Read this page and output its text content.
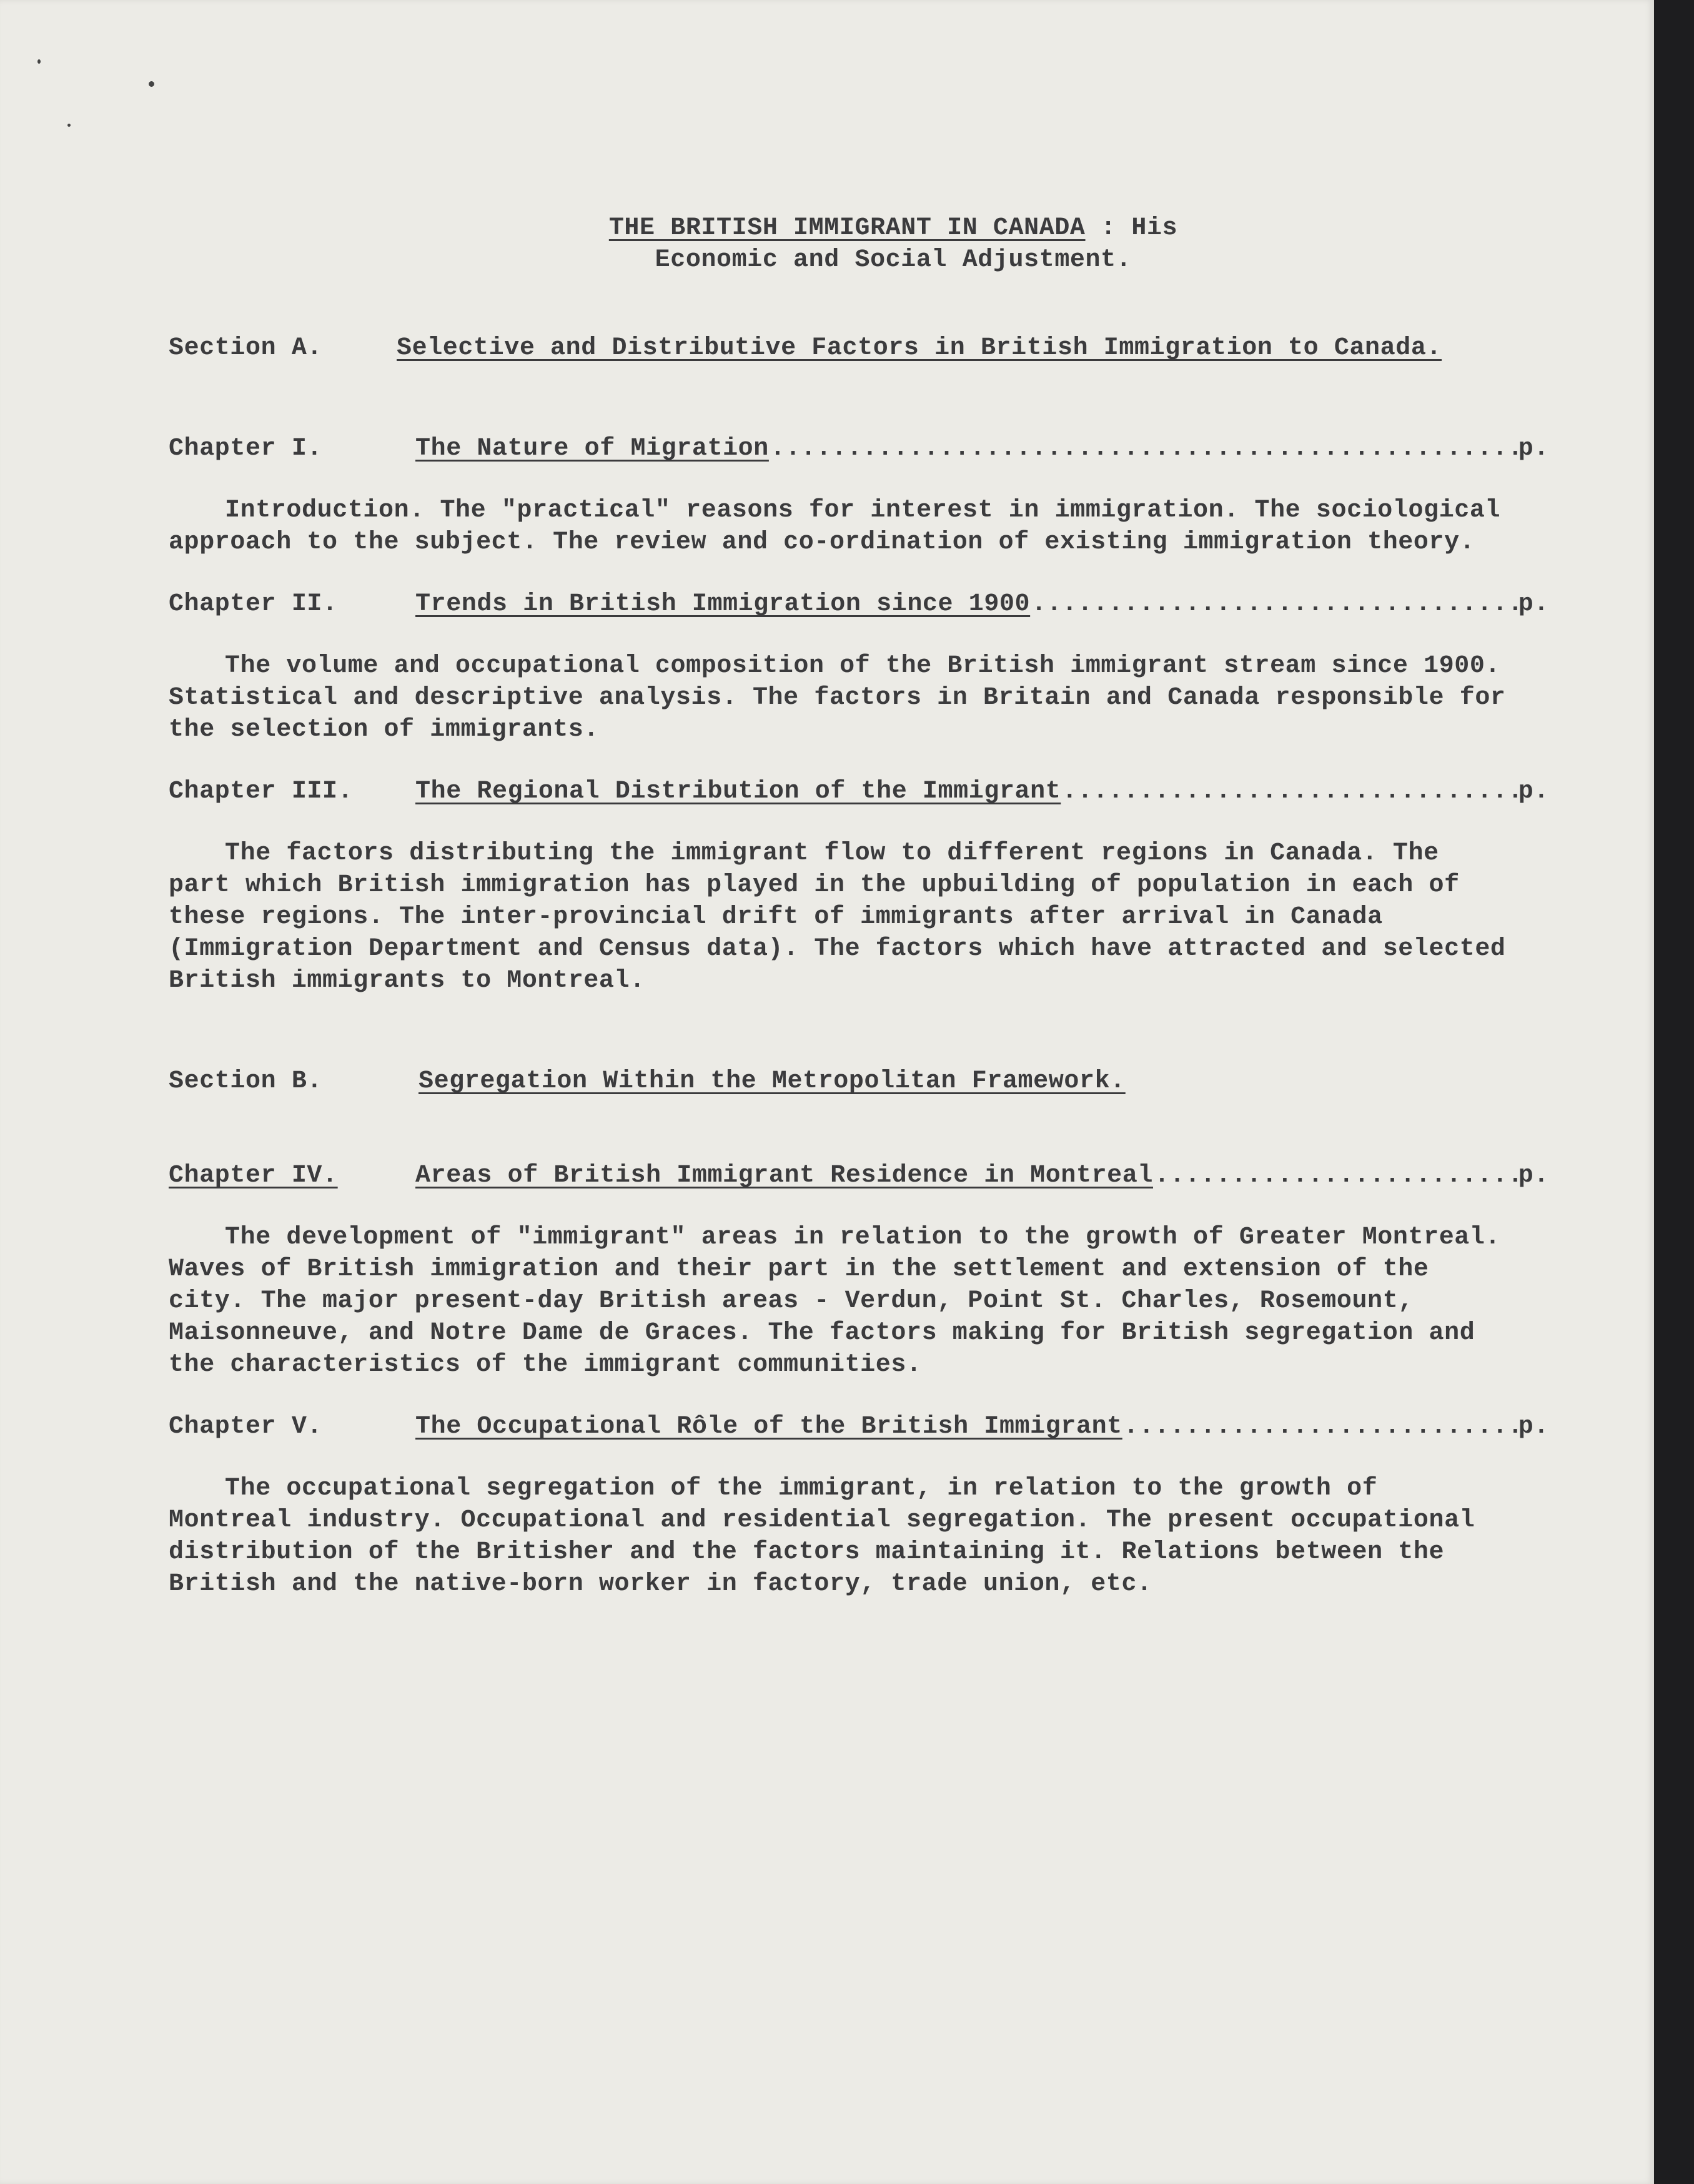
THE BRITISH IMMIGRANT IN CANADA : His
Economic and Social Adjustment.
Section A.	Selective and Distributive Factors in British Immigration to Canada.
Chapter I.	The Nature of Migration .....	p.
Introduction. The "practical" reasons for interest in immigration. The sociological approach to the subject. The review and co-ordination of existing immigration theory.
Chapter II.	Trends in British Immigration since 1900 .....	p.
The volume and occupational composition of the British immigrant stream since 1900. Statistical and descriptive analysis. The factors in Britain and Canada responsible for the selection of immigrants.
Chapter III.	The Regional Distribution of the Immigrant .....	p.
The factors distributing the immigrant flow to different regions in Canada. The part which British immigration has played in the upbuilding of population in each of these regions. The inter-provincial drift of immigrants after arrival in Canada (Immigration Department and Census data). The factors which have attracted and selected British immigrants to Montreal.
Section B.	Segregation Within the Metropolitan Framework.
Chapter IV.	Areas of British Immigrant Residence in Montreal .....	p.
The development of "immigrant" areas in relation to the growth of Greater Montreal. Waves of British immigration and their part in the settlement and extension of the city. The major present-day British areas - Verdun, Point St. Charles, Rosemount, Maisonneuve, and Notre Dame de Graces. The factors making for British segregation and the characteristics of the immigrant communities.
Chapter V.	The Occupational Rôle of the British Immigrant .....	p.
The occupational segregation of the immigrant, in relation to the growth of Montreal industry. Occupational and residential segregation. The present occupational distribution of the Britisher and the factors maintaining it. Relations between the British and the native-born worker in factory, trade union, etc.
